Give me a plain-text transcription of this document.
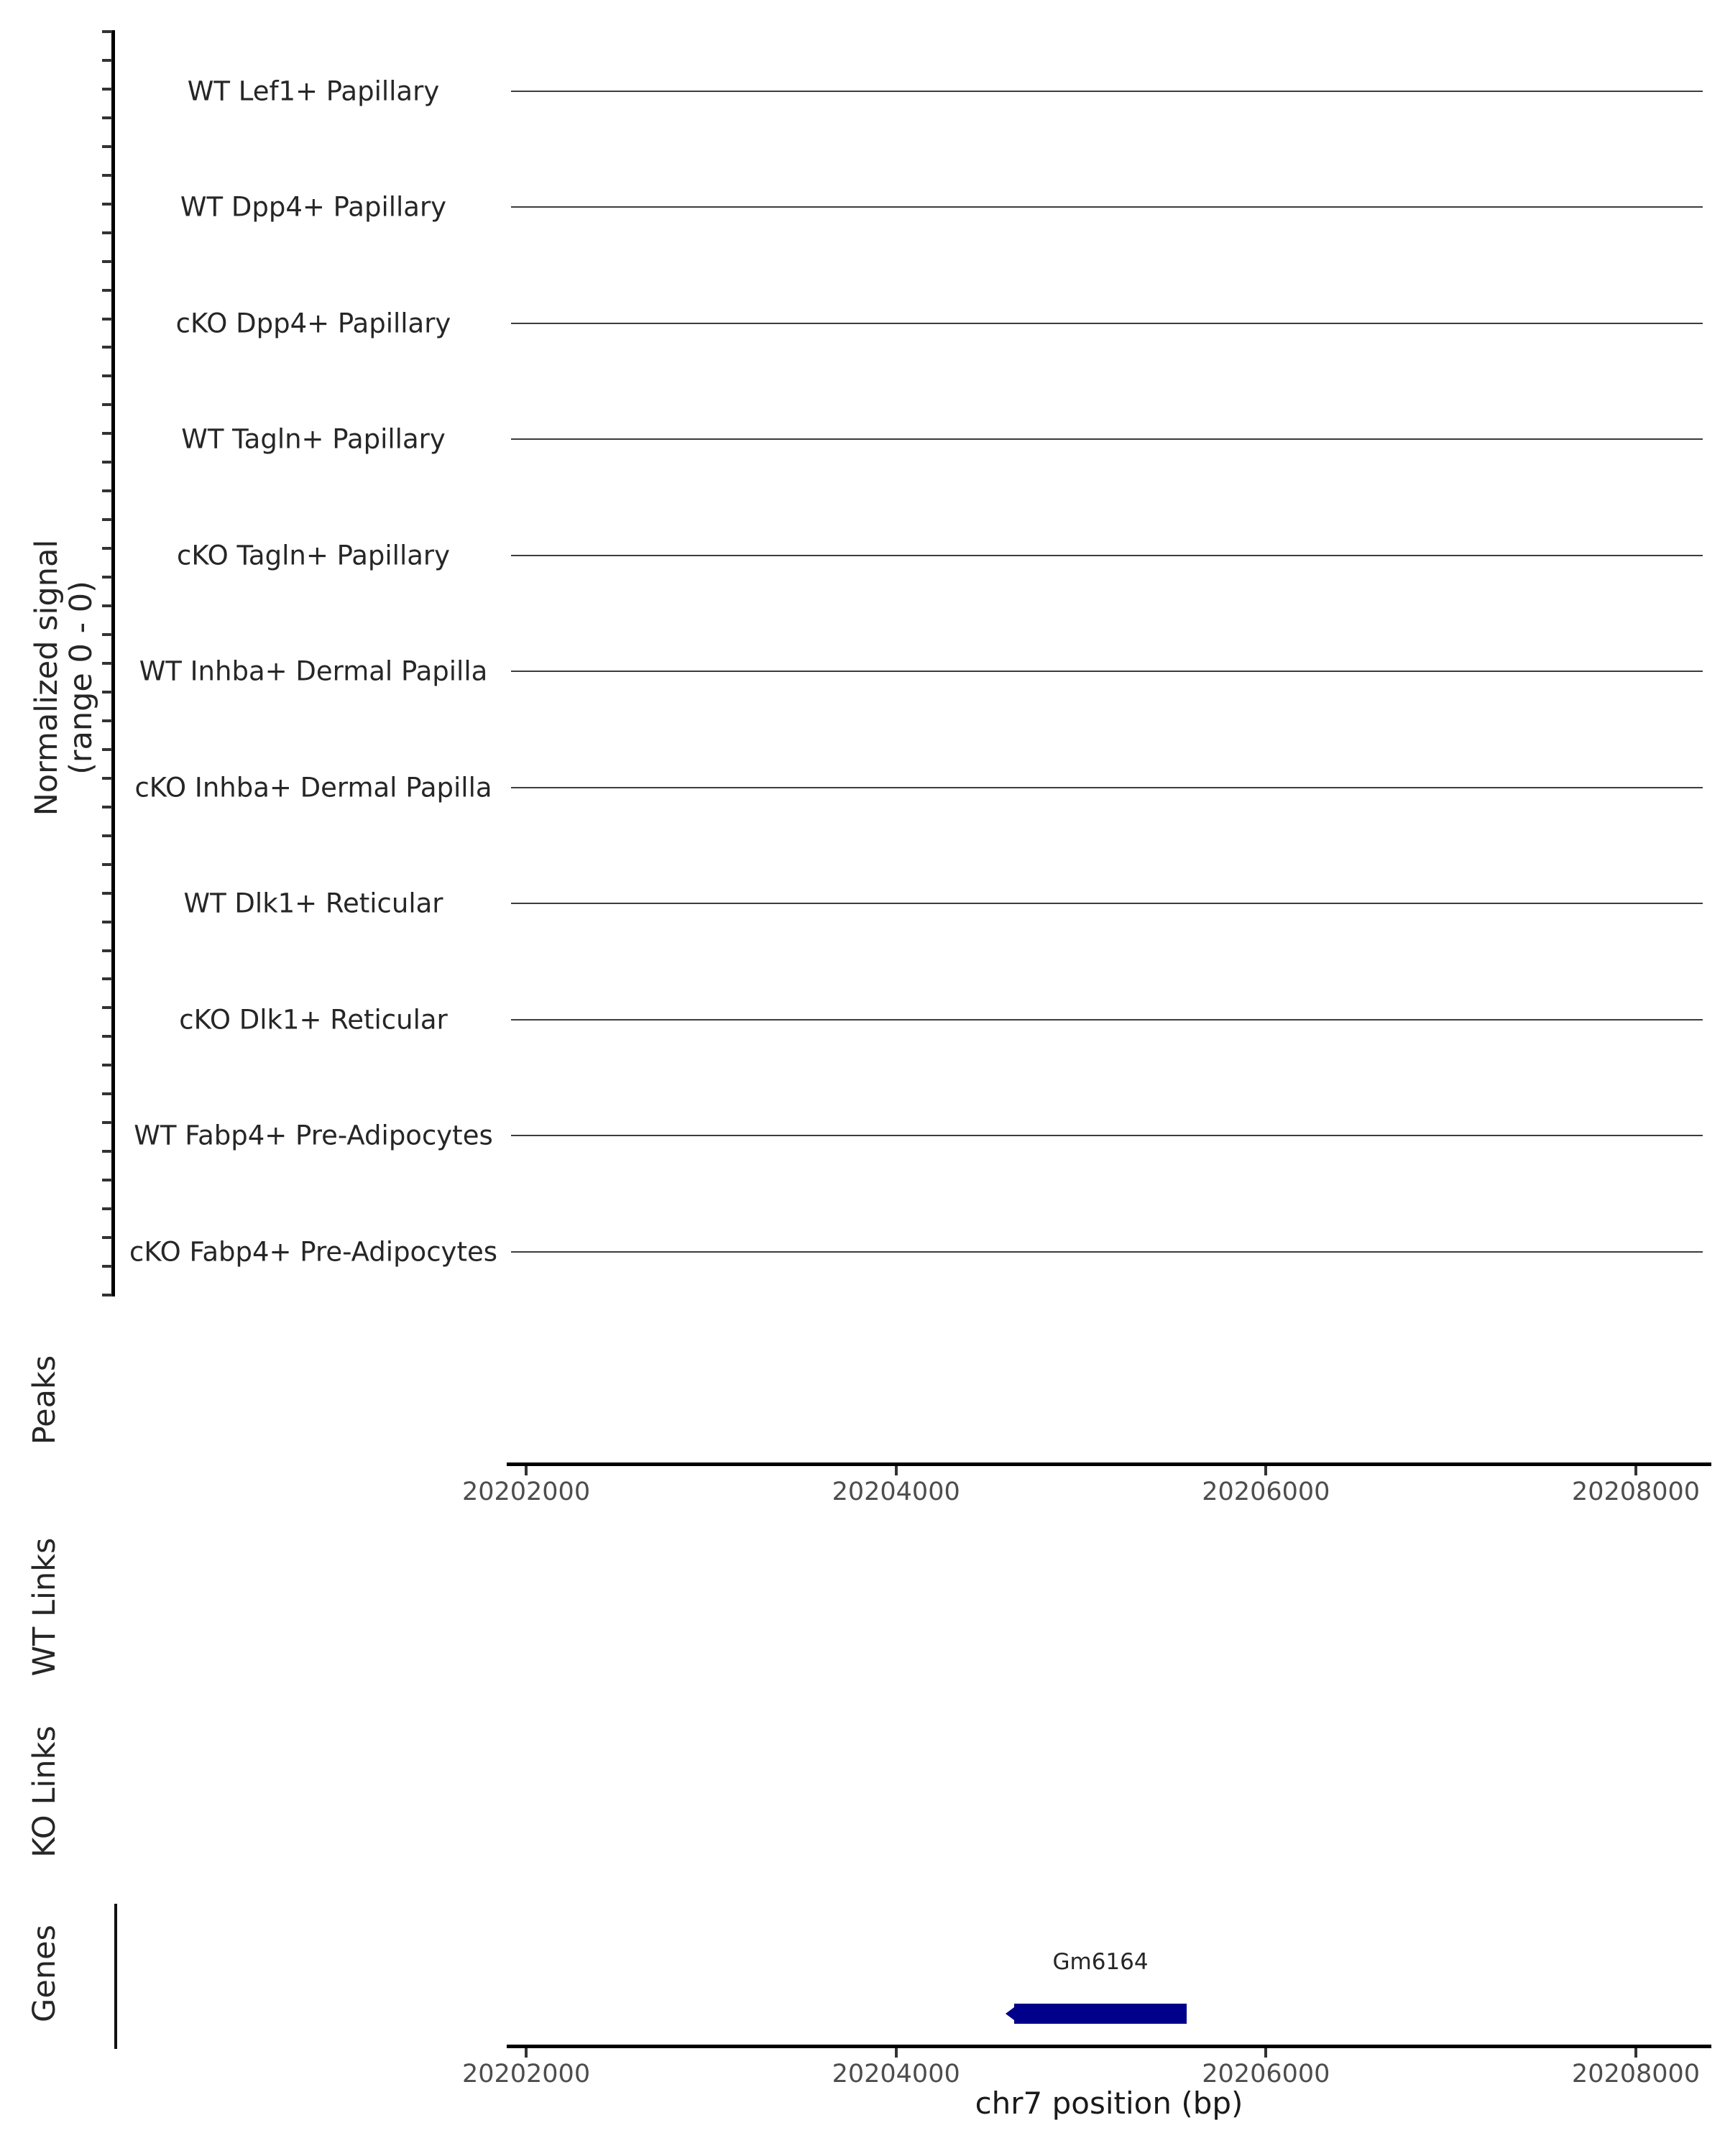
Normalized signal
(range 0 - 0)
WT Lef1+ Papillary
WT Dpp4+ Papillary
cKO Dpp4+ Papillary
WT Tagln+ Papillary
cKO Tagln+ Papillary
WT Inhba+ Dermal Papilla
cKO Inhba+ Dermal Papilla
WT Dlk1+ Reticular
cKO Dlk1+ Reticular
WT Fabp4+ Pre-Adipocytes
cKO Fabp4+ Pre-Adipocytes
Peaks
WT Links
KO Links
Genes
20202000	20204000	20206000	20208000
Gm6164
20202000	20204000	20206000	20208000
chr7 position (bp)
